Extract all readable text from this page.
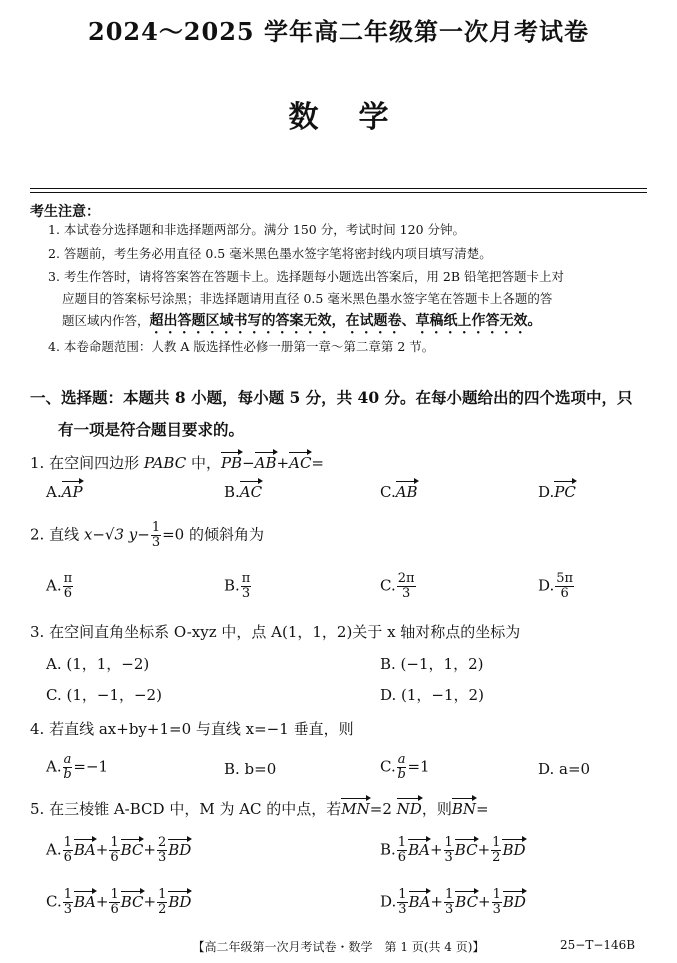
2024～2025 学年高二年级第一次月考试卷
数学
考生注意：
1. 本试卷分选择题和非选择题两部分。满分 150 分，考试时间 120 分钟。
2. 答题前，考生务必用直径 0.5 毫米黑色墨水签字笔将密封线内项目填写清楚。
3. 考生作答时，请将答案答在答题卡上。选择题每小题选出答案后，用 2B 铅笔把答题卡上对
应题目的答案标号涂黑；非选择题请用直径 0.5 毫米黑色墨水签字笔在答题卡上各题的答
题区域内作答，超出答题区域书写的答案无效，在试题卷、草稿纸上作答无效。
4. 本卷命题范围：人教 A 版选择性必修一册第一章～第二章第 2 节。
一、选择题：本题共 8 小题，每小题 5 分，共 40 分。在每小题给出的四个选项中，只
有一项是符合题目要求的。
1. 在空间四边形 PABC 中，PB−AB+AC=
A.AP	B.AC	C.AB	D.PC
2. 直线 x−√3 $y- \frac{1}{3} =0$ 的倾斜角为
A. $\frac{\pi}{6}$	B. $\frac{\pi}{3}$	C. $\frac{2\pi}{3}$	D. $\frac{5\pi}{6}$
3. 在空间直角坐标系 O-xyz 中，点 A(1，1，2)关于 x 轴对称点的坐标为
A. (1，1，−2)	B. (−1，1，2)
C. (1，−1，−2)	D. (1，−1，2)
4. 若直线 ax+by+1=0 与直线 x=−1 垂直，则
A. $\frac{a}{b} =-1$	B. b=0	C. $\frac{a}{b} =1$	D. a=0
5. 在三棱锥 A-BCD 中，M 为 AC 的中点，若MN=2 ND，则BN=
A. $\frac{1}{6} BA+ \frac{1}{6} BC+ \frac{2}{3}$ BD	B. $\frac{1}{6} BA+ \frac{1}{3} BC+ \frac{1}{2}$ BD
C. $\frac{1}{3} BA+ \frac{1}{6} BC+ \frac{1}{2}$ BD	D. $\frac{1}{3} BA+ \frac{1}{3} BC+ \frac{1}{3}$ BD
【高二年级第一次月考试卷・数学　第 1 页(共 4 页)】	25−T−146B
